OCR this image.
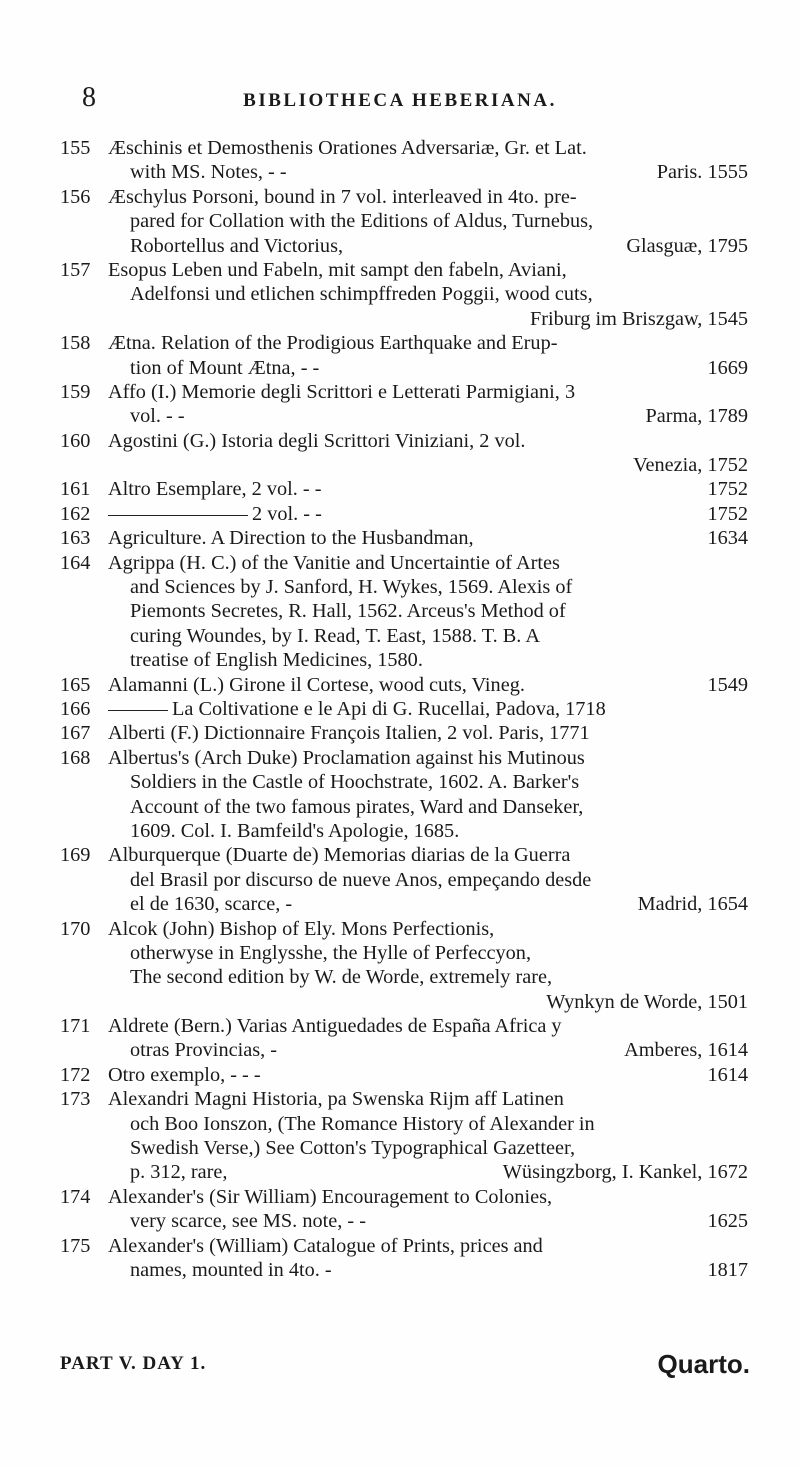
8	BIBLIOTHECA HEBERIANA.
155 Æschinis et Demosthenis Orationes Adversariæ, Gr. et Lat.
with MS. Notes, - -	Paris. 1555
156 Æschylus Porsoni, bound in 7 vol. interleaved in 4to. pre-
pared for Collation with the Editions of Aldus, Turnebus,
Robortellus and Victorius,	Glasguæ, 1795
157 Esopus Leben und Fabeln, mit sampt den fabeln, Aviani,
Adelfonsi und etlichen schimpffreden Poggii, wood cuts,
Friburg im Briszgaw, 1545
158 Ætna. Relation of the Prodigious Earthquake and Erup-
tion of Mount Ætna, - -	1669
159 Affo (I.) Memorie degli Scrittori e Letterati Parmigiani, 3
vol. - -	Parma, 1789
160 Agostini (G.) Istoria degli Scrittori Viniziani, 2 vol.
Venezia, 1752
161 Altro Esemplare, 2 vol. - -	1752
162	2 vol. - -	1752
163 Agriculture. A Direction to the Husbandman,	1634
164 Agrippa (H. C.) of the Vanitie and Uncertaintie of Artes
and Sciences by J. Sanford, H. Wykes, 1569. Alexis of
Piemonts Secretes, R. Hall, 1562. Arceus's Method of
curing Woundes, by I. Read, T. East, 1588. T. B. A
treatise of English Medicines, 1580.
165 Alamanni (L.) Girone il Cortese, wood cuts, Vineg.	1549
166	La Coltivatione e le Api di G. Rucellai, Padova, 1718
167 Alberti (F.) Dictionnaire François Italien, 2 vol. Paris, 1771
168 Albertus's (Arch Duke) Proclamation against his Mutinous
Soldiers in the Castle of Hoochstrate, 1602. A. Barker's
Account of the two famous pirates, Ward and Danseker,
1609. Col. I. Bamfeild's Apologie, 1685.
169 Alburquerque (Duarte de) Memorias diarias de la Guerra
del Brasil por discurso de nueve Anos, empeçando desde
el de 1630, scarce, -	Madrid, 1654
170 Alcok (John) Bishop of Ely. Mons Perfectionis,
otherwyse in Englysshe, the Hylle of Perfeccyon,
The second edition by W. de Worde, extremely rare,
Wynkyn de Worde, 1501
171 Aldrete (Bern.) Varias Antiguedades de España Africa y
otras Provincias, -	Amberes, 1614
172 Otro exemplo, - - -	1614
173 Alexandri Magni Historia, pa Swenska Rijm aff Latinen
och Boo Ionszon, (The Romance History of Alexander in
Swedish Verse,) See Cotton's Typographical Gazetteer,
p. 312, rare,	Wüsingzborg, I. Kankel, 1672
174 Alexander's (Sir William) Encouragement to Colonies,
very scarce, see MS. note, - -	1625
175 Alexander's (William) Catalogue of Prints, prices and
names, mounted in 4to. -	1817
PART V. DAY 1.	Quarto.
